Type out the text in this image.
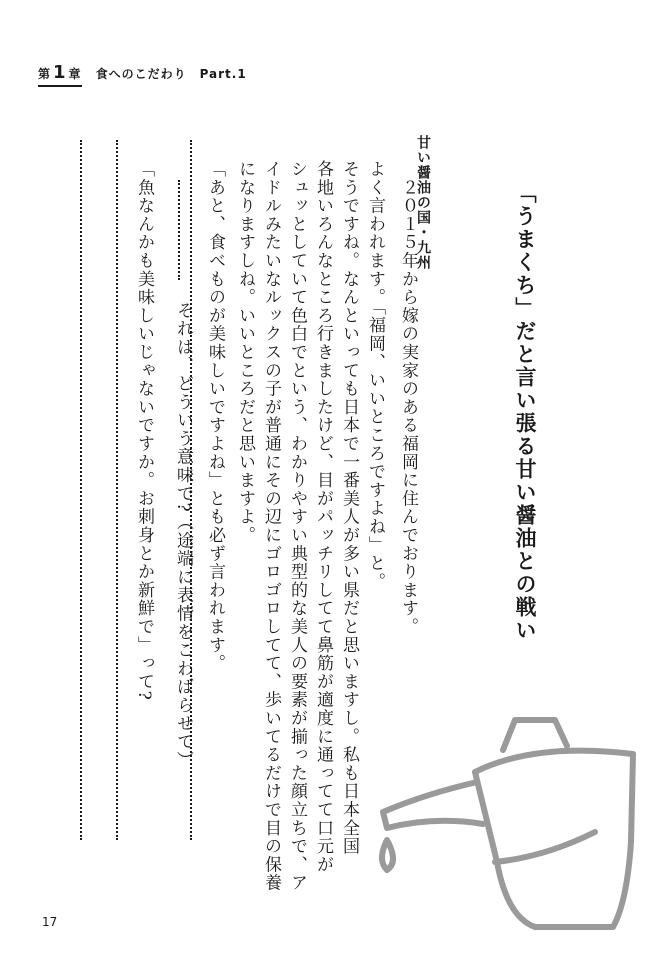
第 1 章 食へのこだわり　Part.1
「うまくち」だと言い張る甘い醤油との戦い
甘い醤油の国・九州
　２０１５年から嫁の実家のある福岡に住んでおります。
よく言われます。「福岡、いいところですよね」と。
そうですね。なんといっても日本で一番美人が多い県だと思いますし。私も日本全国
各地いろんなところ行きましたけど、目がパッチリしてて鼻筋が適度に通ってて口元が
シュッとしていて色白でという、わかりやすい典型的な美人の要素が揃った顔立ちで、ア
イドルみたいなルックスの子が普通にその辺にゴロゴロしてて、歩いてるだけで目の保養
になりますしね。いいところだと思いますよ。
「あと、食べものが美味しいですよね」とも必ず言われます。
　それは、どういう意味で?（途端に表情をこわばらせて）
「魚なんかも美味しいじゃないですか。お刺身とか新鮮で」って?
17
